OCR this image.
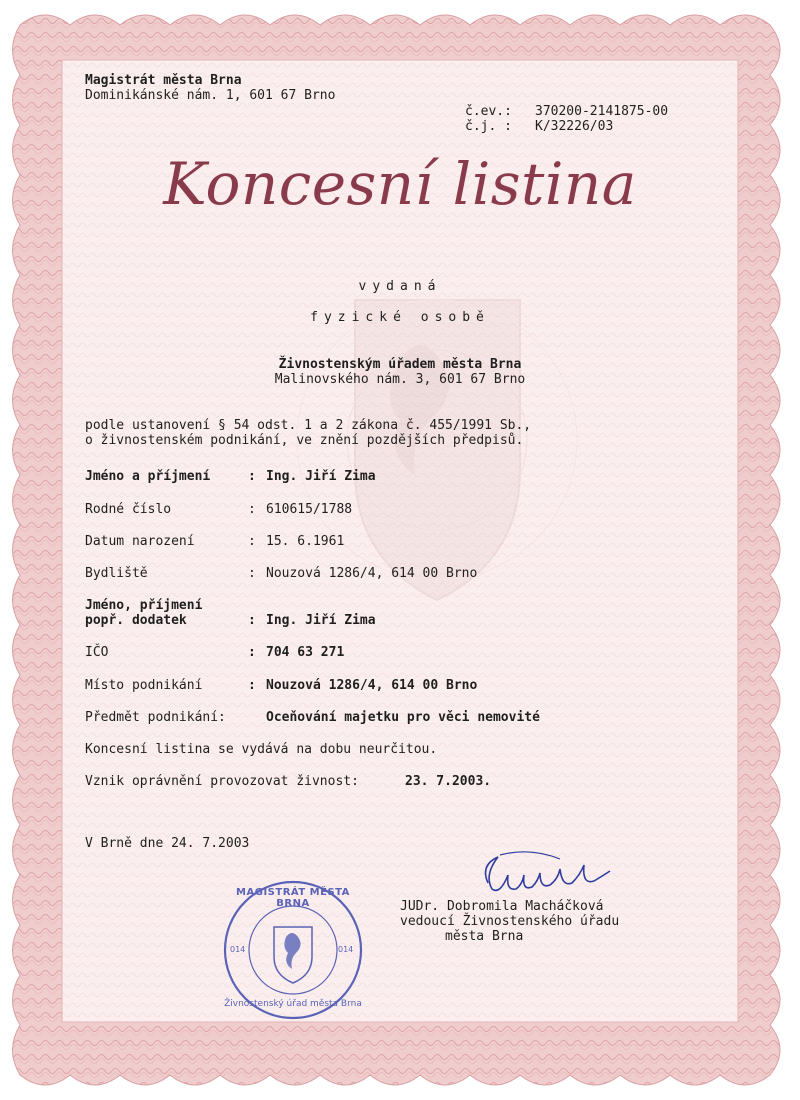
Magistrát města Brna
Dominikánské nám. 1, 601 67 Brno
č.ev.: 370200-2141875-00
č.j. : K/32226/03
Koncesní listina
vydaná
fyzické osobě
Živnostenským úřadem města Brna
Malinovského nám. 3, 601 67 Brno
podle ustanovení § 54 odst. 1 a 2 zákona č. 455/1991 Sb.,
o živnostenském podnikání, ve znění pozdějších předpisů.
Jméno a příjmení	: Ing. Jiří Zima
Rodné číslo	: 610615/1788
Datum narození	: 15. 6.1961
Bydliště	: Nouzová 1286/4, 614 00 Brno
Jméno, příjmení
popř. dodatek	: Ing. Jiří Zima
IČO	: 704 63 271
Místo podnikání	: Nouzová 1286/4, 614 00 Brno
Předmět podnikání:	Oceňování majetku pro věci nemovité
Koncesní listina se vydává na dobu neurčitou.
Vznik oprávnění provozovat živnost:	23. 7.2003.
V Brně dne 24. 7.2003
JUDr. Dobromila Macháčková
vedoucí Živnostenského úřadu
města Brna
MAGISTRÁT MĚSTA BRNA
Živnostenský úřad města Brna
014	014
